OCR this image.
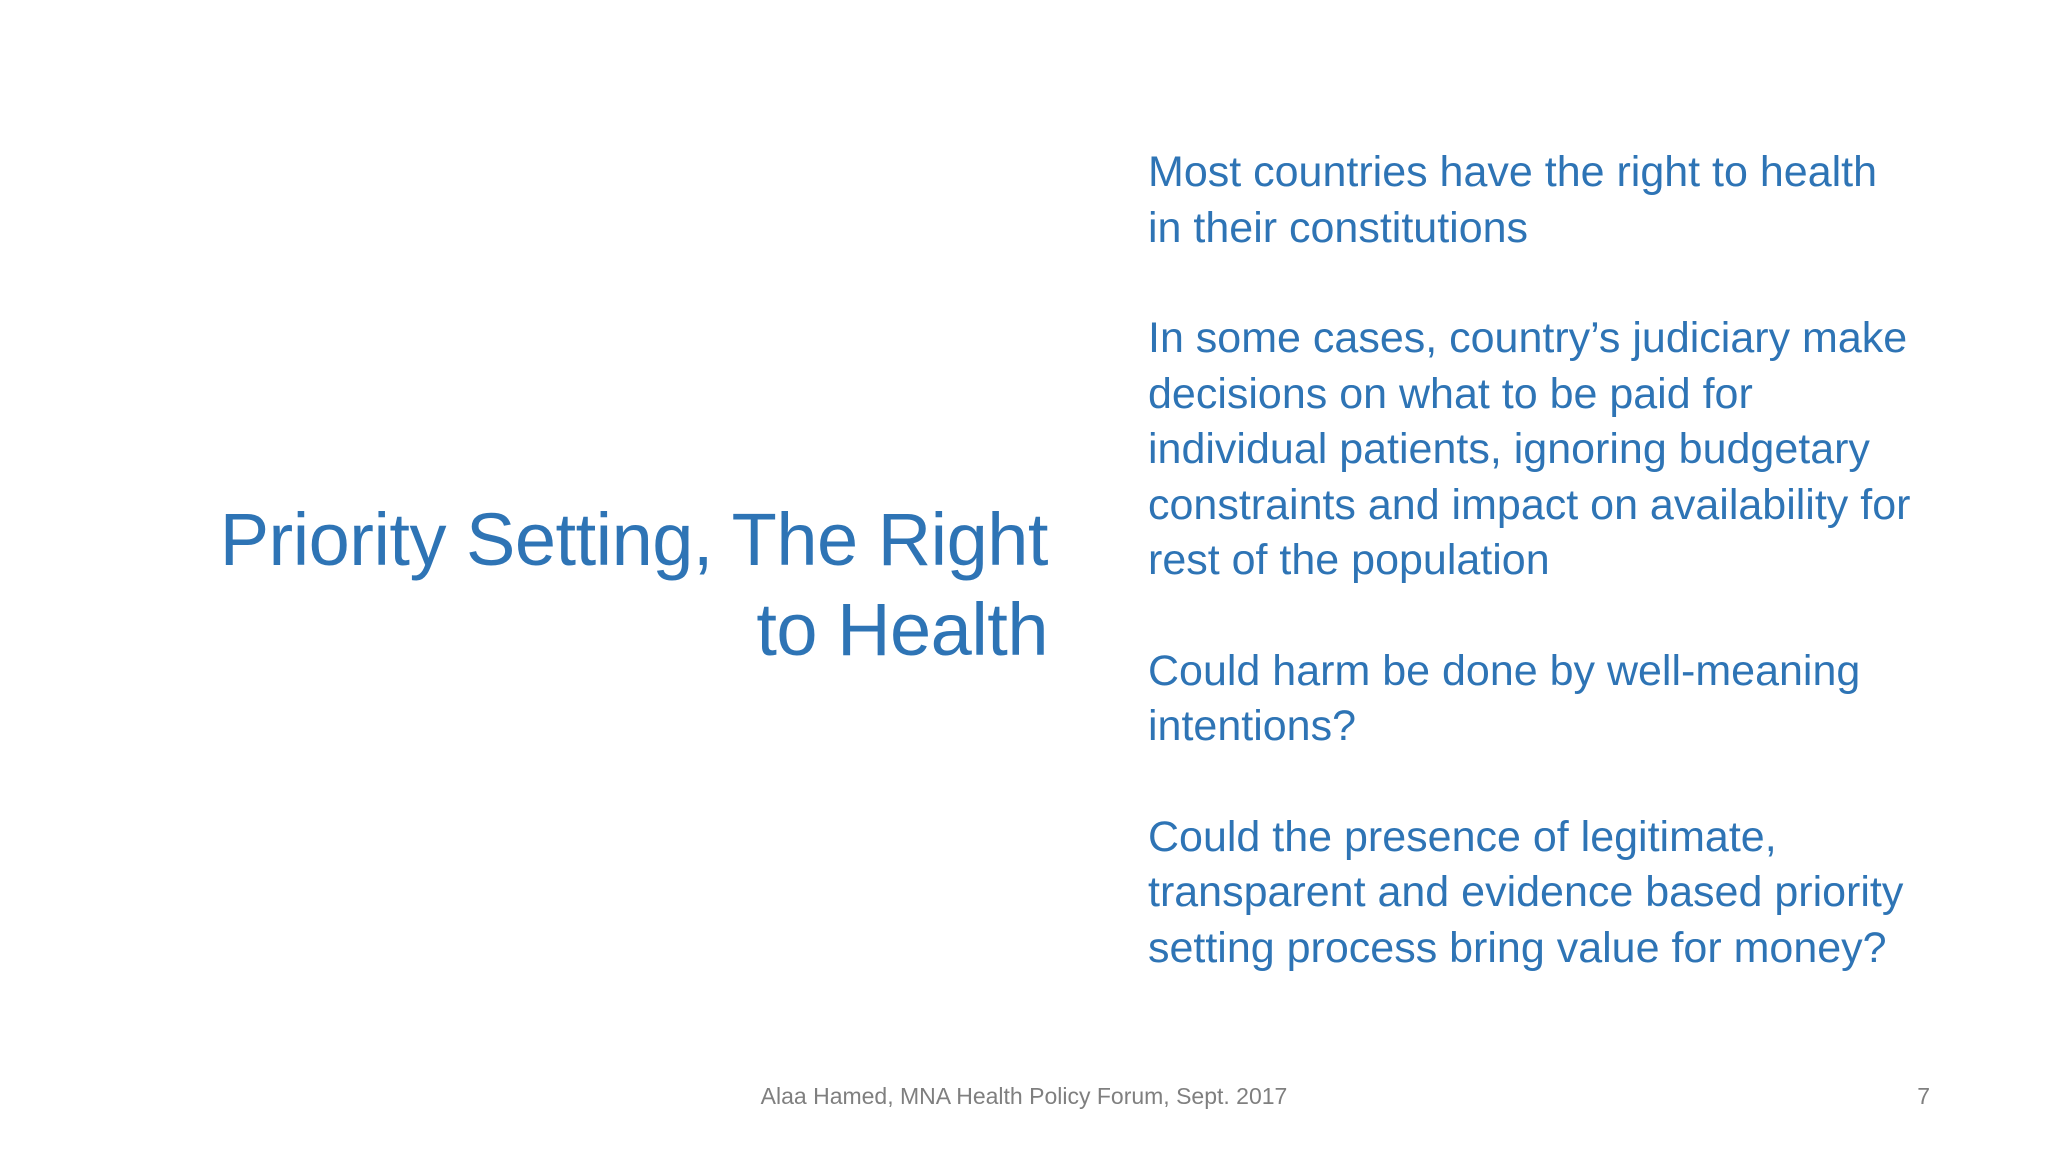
Priority Setting, The Right
to Health

Most countries have the right to health
in their constitutions

In some cases, country’s judiciary make
decisions on what to be paid for
individual patients, ignoring budgetary
constraints and impact on availability for
rest of the population

Could harm be done by well-meaning
intentions?

Could the presence of legitimate,
transparent and evidence based priority
setting process bring value for money?

Alaa Hamed, MNA Health Policy Forum, Sept. 2017	7
